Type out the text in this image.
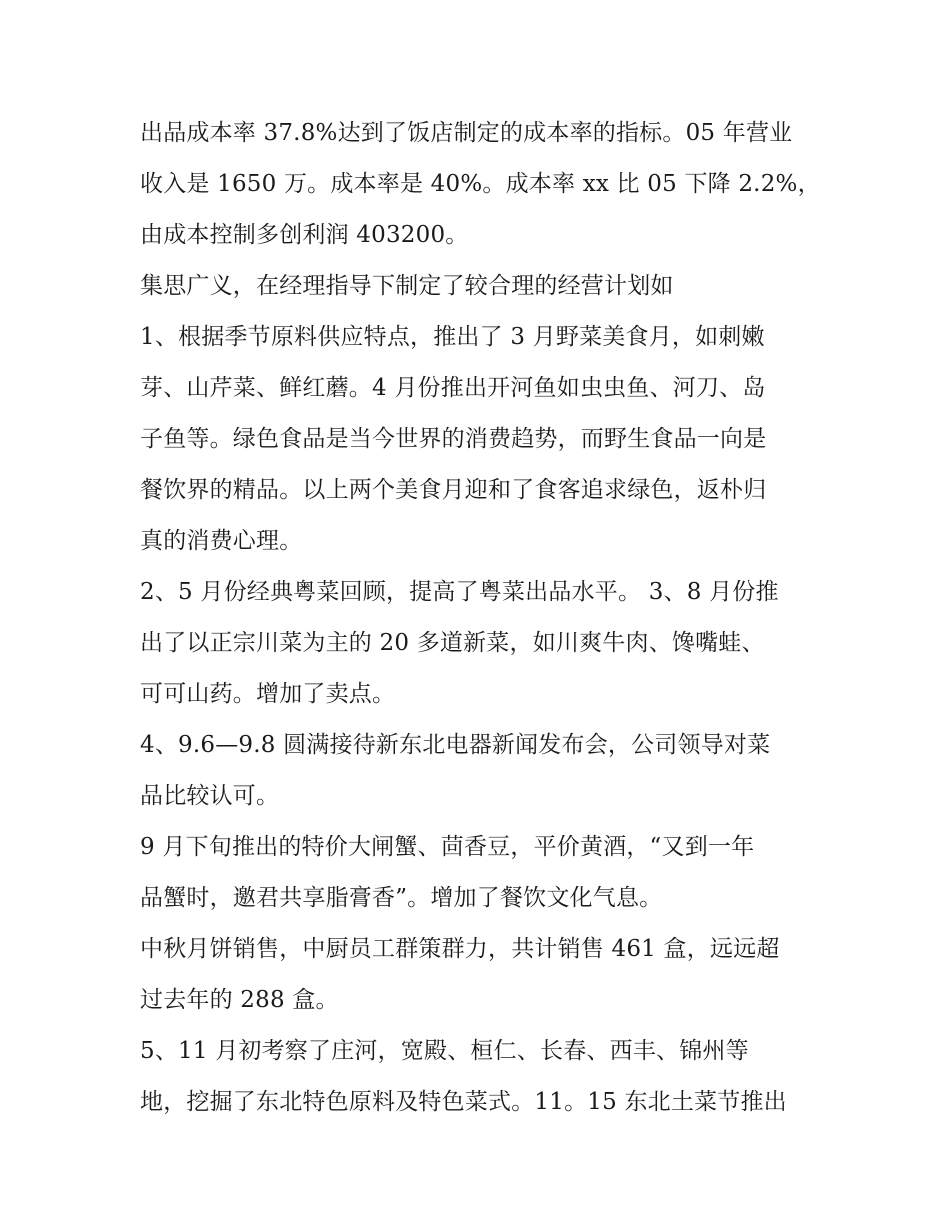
出品成本率 37.8%达到了饭店制定的成本率的指标。05 年营业
收入是 1650 万。成本率是 40%。成本率 xx 比 05 下降 2.2%，
由成本控制多创利润 403200。
集思广义，在经理指导下制定了较合理的经营计划如
1、根据季节原料供应特点，推出了 3 月野菜美食月，如刺嫩
芽、山芹菜、鲜红蘑。4 月份推出开河鱼如虫虫鱼、河刀、岛
子鱼等。绿色食品是当今世界的消费趋势，而野生食品一向是
餐饮界的精品。以上两个美食月迎和了食客追求绿色，返朴归
真的消费心理。
2、5 月份经典粤菜回顾，提高了粤菜出品水平。 3、8 月份推
出了以正宗川菜为主的 20 多道新菜，如川爽牛肉、馋嘴蛙、
可可山药。增加了卖点。
4、9.6—9.8 圆满接待新东北电器新闻发布会，公司领导对菜
品比较认可。
9 月下旬推出的特价大闸蟹、茴香豆，平价黄酒，“又到一年
品蟹时，邀君共享脂膏香”。增加了餐饮文化气息。
中秋月饼销售，中厨员工群策群力，共计销售 461 盒，远远超
过去年的 288 盒。
5、11 月初考察了庄河，宽殿、桓仁、长春、西丰、锦州等
地，挖掘了东北特色原料及特色菜式。11。15 东北土菜节推出
